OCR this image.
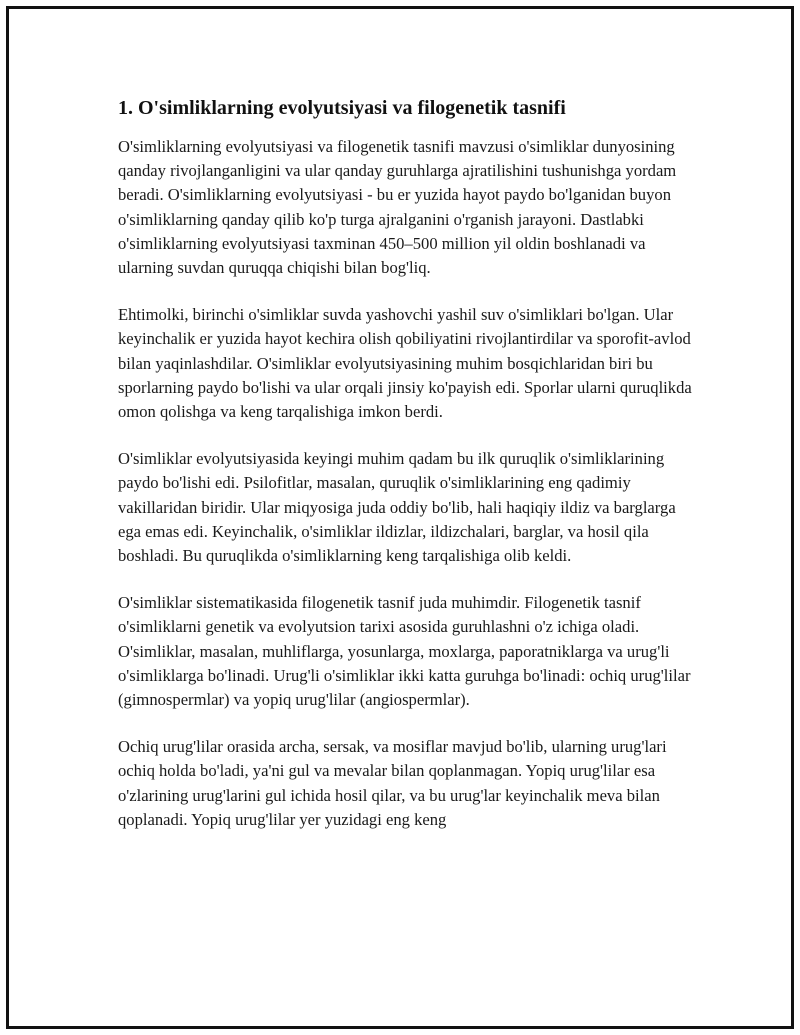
1. O'simliklarning evolyutsiyasi va filogenetik tasnifi

O'simliklarning evolyutsiyasi va filogenetik tasnifi mavzusi o'simliklar dunyosining qanday rivojlanganligini va ular qanday guruhlarga ajratilishini tushunishga yordam beradi. O'simliklarning evolyutsiyasi - bu er yuzida hayot paydo bo'lganidan buyon o'simliklarning qanday qilib ko'p turga ajralganini o'rganish jarayoni. Dastlabki o'simliklarning evolyutsiyasi taxminan 450–500 million yil oldin boshlanadi va ularning suvdan quruqqa chiqishi bilan bog'liq.

Ehtimolki, birinchi o'simliklar suvda yashovchi yashil suv o'simliklari bo'lgan. Ular keyinchalik er yuzida hayot kechira olish qobiliyatini rivojlantirdilar va sporofit-avlod bilan yaqinlashdilar. O'simliklar evolyutsiyasining muhim bosqichlaridan biri bu sporlarning paydo bo'lishi va ular orqali jinsiy ko'payish edi. Sporlar ularni quruqlikda omon qolishga va keng tarqalishiga imkon berdi.

O'simliklar evolyutsiyasida keyingi muhim qadam bu ilk quruqlik o'simliklarining paydo bo'lishi edi. Psilofitlar, masalan, quruqlik o'simliklarining eng qadimiy vakillaridan biridir. Ular miqyosiga juda oddiy bo'lib, hali haqiqiy ildiz va barglarga ega emas edi. Keyinchalik, o'simliklar ildizlar, ildizchalari, barglar, va hosil qila boshladi. Bu quruqlikda o'simliklarning keng tarqalishiga olib keldi.

O'simliklar sistematikasida filogenetik tasnif juda muhimdir. Filogenetik tasnif o'simliklarni genetik va evolyutsion tarixi asosida guruhlashni o'z ichiga oladi. O'simliklar, masalan, muhliflarga, yosunlarga, moxlarga, paporatniklarga va urug'li o'simliklarga bo'linadi. Urug'li o'simliklar ikki katta guruhga bo'linadi: ochiq urug'lilar (gimnospermlar) va yopiq urug'lilar (angiospermlar).

Ochiq urug'lilar orasida archa, sersak, va mosiflar mavjud bo'lib, ularning urug'lari ochiq holda bo'ladi, ya'ni gul va mevalar bilan qoplanmagan. Yopiq urug'lilar esa o'zlarining urug'larini gul ichida hosil qilar, va bu urug'lar keyinchalik meva bilan qoplanadi. Yopiq urug'lilar yer yuzidagi eng keng
